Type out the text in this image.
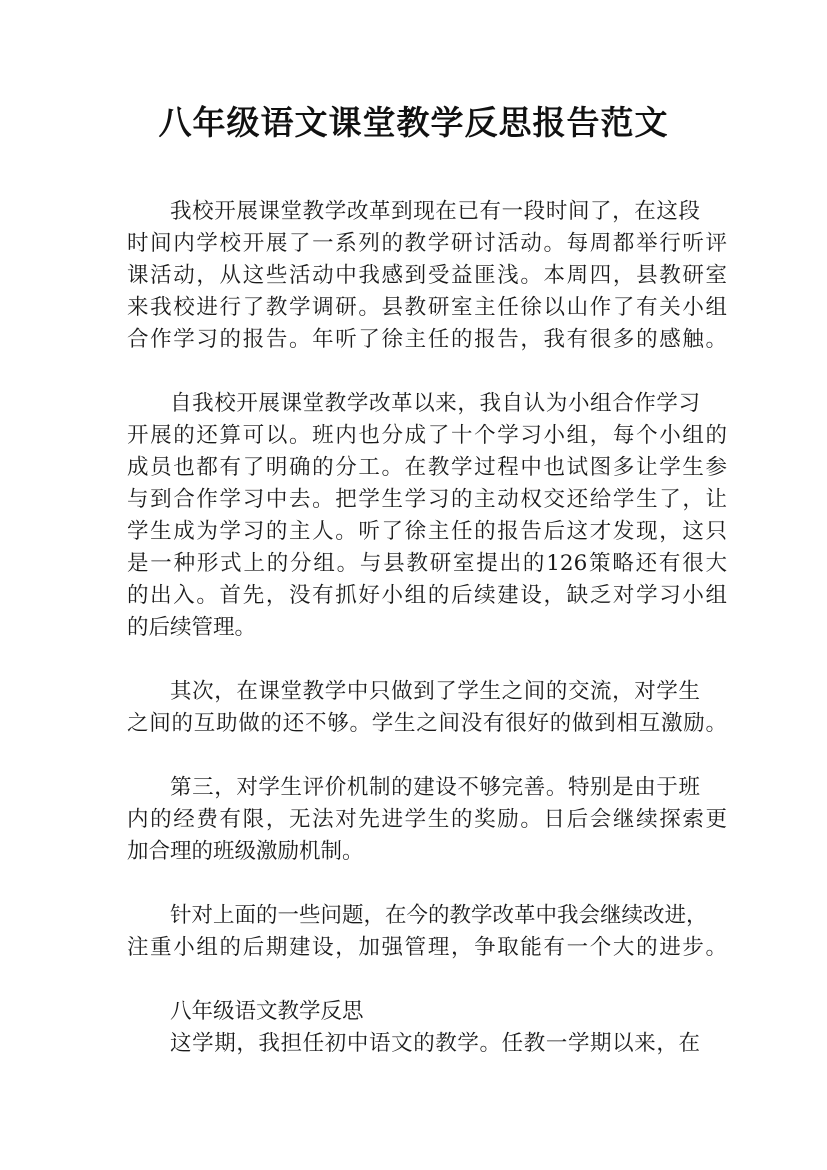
八年级语文课堂教学反思报告范文

我校开展课堂教学改革到现在已有一段时间了，在这段

时间内学校开展了一系列的教学研讨活动。每周都举行听评

课活动，从这些活动中我感到受益匪浅。本周四，县教研室

来我校进行了教学调研。县教研室主任徐以山作了有关小组

合作学习的报告。年听了徐主任的报告，我有很多的感触。

自我校开展课堂教学改革以来，我自认为小组合作学习

开展的还算可以。班内也分成了十个学习小组，每个小组的

成员也都有了明确的分工。在教学过程中也试图多让学生参

与到合作学习中去。把学生学习的主动权交还给学生了，让

学生成为学习的主人。听了徐主任的报告后这才发现，这只

是一种形式上的分组。与县教研室提出的126策略还有很大

的出入。首先，没有抓好小组的后续建设，缺乏对学习小组

的后续管理。

其次，在课堂教学中只做到了学生之间的交流，对学生

之间的互助做的还不够。学生之间没有很好的做到相互激励。

第三，对学生评价机制的建设不够完善。特别是由于班

内的经费有限，无法对先进学生的奖励。日后会继续探索更

加合理的班级激励机制。

针对上面的一些问题，在今的教学改革中我会继续改进，

注重小组的后期建设，加强管理，争取能有一个大的进步。

八年级语文教学反思

这学期，我担任初中语文的教学。任教一学期以来，在
